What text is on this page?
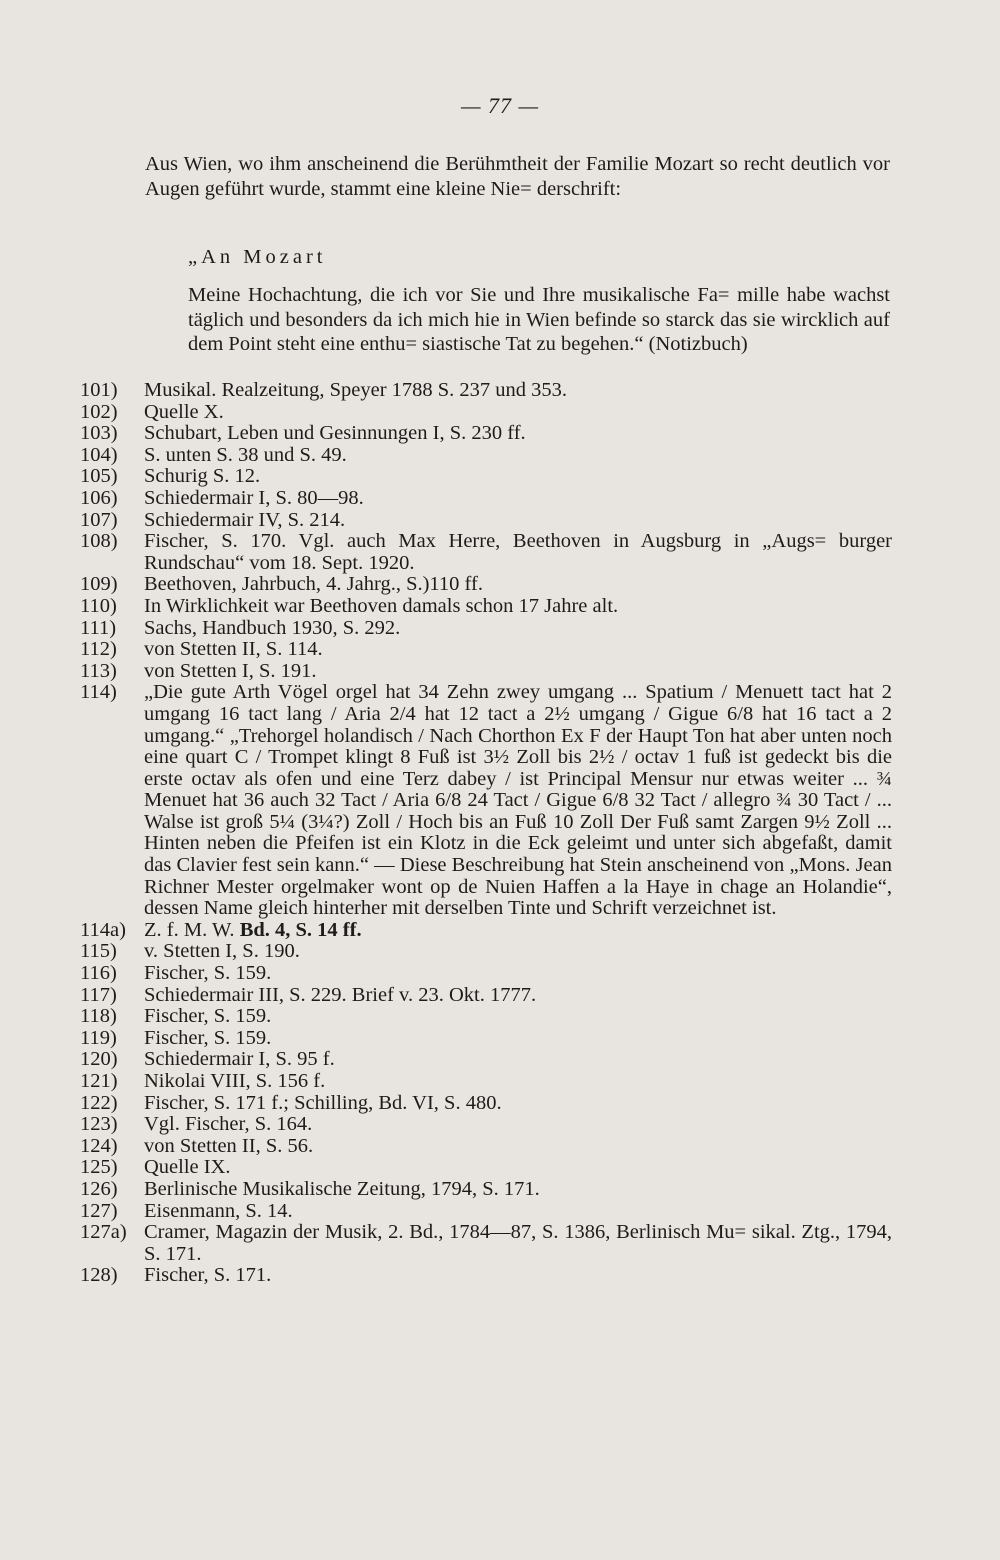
— 77 —
Aus Wien, wo ihm anscheinend die Berühmtheit der Familie Mozart so recht deutlich vor Augen geführt wurde, stammt eine kleine Nie= derschrift:
„An Mozart
Meine Hochachtung, die ich vor Sie und Ihre musikalische Fa= mille habe wachst täglich und besonders da ich mich hie in Wien befinde so starck das sie wircklich auf dem Point steht eine enthu= siastische Tat zu begehen.“ (Notizbuch)
101)	Musikal. Realzeitung, Speyer 1788 S. 237 und 353.
102)	Quelle X.
103)	Schubart, Leben und Gesinnungen I, S. 230 ff.
104)	S. unten S. 38 und S. 49.
105)	Schurig S. 12.
106)	Schiedermair I, S. 80—98.
107)	Schiedermair IV, S. 214.
108)	Fischer, S. 170. Vgl. auch Max Herre, Beethoven in Augsburg in „Augs= burger Rundschau“ vom 18. Sept. 1920.
109)	Beethoven, Jahrbuch, 4. Jahrg., S.)110 ff.
110)	In Wirklichkeit war Beethoven damals schon 17 Jahre alt.
111)	Sachs, Handbuch 1930, S. 292.
112)	von Stetten II, S. 114.
113)	von Stetten I, S. 191.
114)	„Die gute Arth Vögel orgel hat 34 Zehn zwey umgang ... Spatium / Menuett tact hat 2 umgang 16 tact lang / Aria 2/4 hat 12 tact a 2½ umgang / Gigue 6/8 hat 16 tact a 2 umgang.“ „Trehorgel holandisch / Nach Chorthon Ex F der Haupt Ton hat aber unten noch eine quart C / Trompet klingt 8 Fuß ist 3½ Zoll bis 2½ / octav 1 fuß ist gedeckt bis die erste octav als ofen und eine Terz dabey / ist Principal Mensur nur etwas weiter ... ¾ Menuet hat 36 auch 32 Tact / Aria 6/8 24 Tact / Gigue 6/8 32 Tact / allegro ¾ 30 Tact / ... Walse ist groß 5¼ (3¼?) Zoll / Hoch bis an Fuß 10 Zoll Der Fuß samt Zargen 9½ Zoll ... Hinten neben die Pfeifen ist ein Klotz in die Eck geleimt und unter sich abgefaßt, damit das Clavier fest sein kann.“ — Diese Beschreibung hat Stein anscheinend von „Mons. Jean Richner Mester orgelmaker wont op de Nuien Haffen a la Haye in chage an Holandie“, dessen Name gleich hinterher mit derselben Tinte und Schrift verzeichnet ist.
114a) Z. f. M. W. Bd. 4, S. 14 ff.
115)	v. Stetten I, S. 190.
116)	Fischer, S. 159.
117)	Schiedermair III, S. 229. Brief v. 23. Okt. 1777.
118)	Fischer, S. 159.
119)	Fischer, S. 159.
120)	Schiedermair I, S. 95 f.
121)	Nikolai VIII, S. 156 f.
122)	Fischer, S. 171 f.; Schilling, Bd. VI, S. 480.
123)	Vgl. Fischer, S. 164.
124)	von Stetten II, S. 56.
125)	Quelle IX.
126)	Berlinische Musikalische Zeitung, 1794, S. 171.
127)	Eisenmann, S. 14.
127a) Cramer, Magazin der Musik, 2. Bd., 1784—87, S. 1386, Berlinisch Mu= sikal. Ztg., 1794, S. 171.
128)	Fischer, S. 171.
